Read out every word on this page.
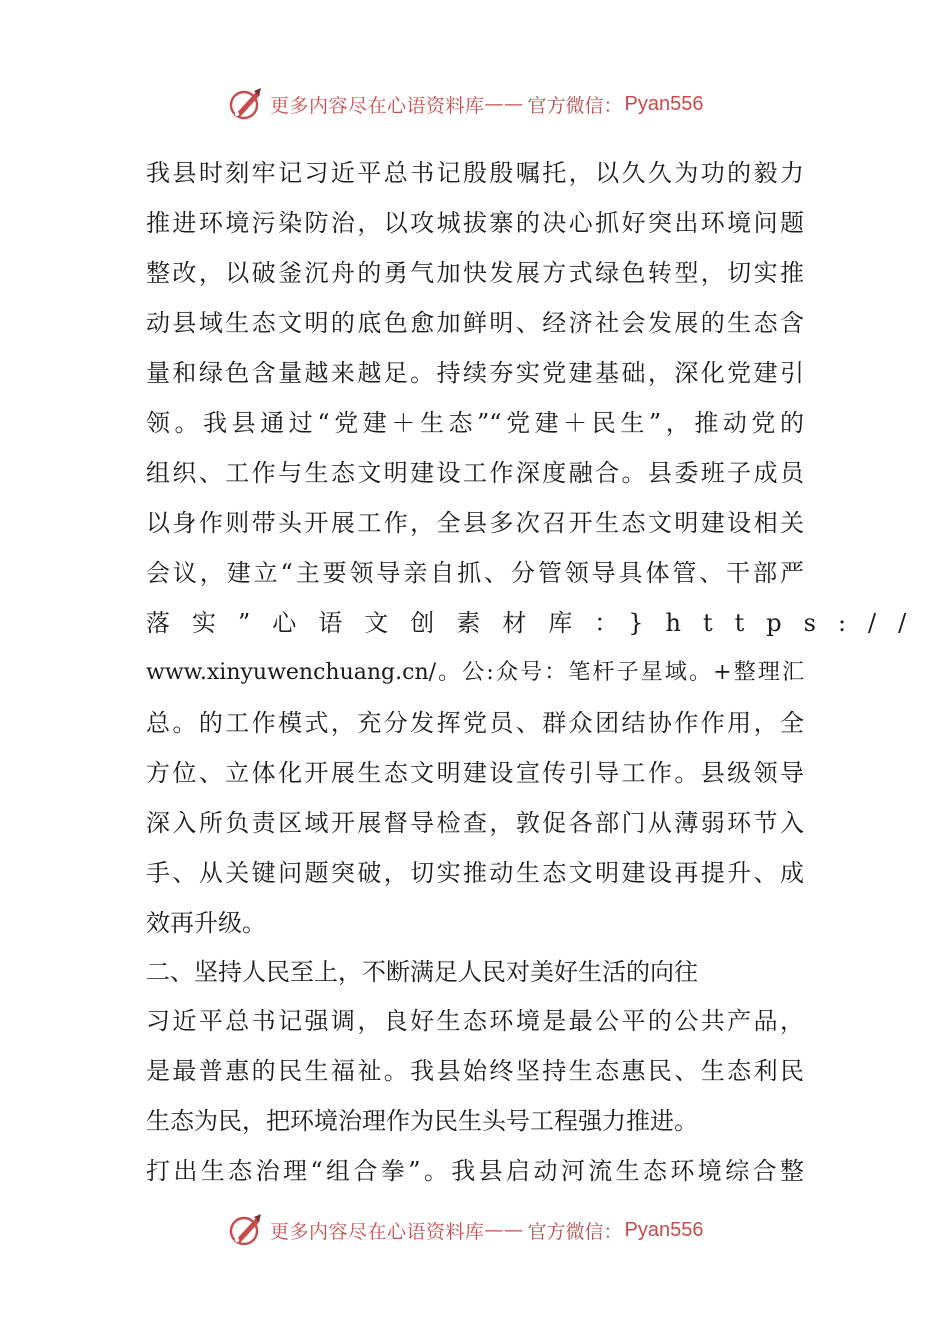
更多内容尽在心语资料库 —— 官方微信： Pyan556
我县时刻牢记习近平总书记殷殷嘱托，以久久为功的毅力
推进环境污染防治，以攻城拔寨的决心抓好突出环境问题
整改，以破釜沉舟的勇气加快发展方式绿色转型，切实推
动县域生态文明的底色愈加鲜明、经济社会发展的生态含
量和绿色含量越来越足。持续夯实党建基础，深化党建引
领。我县通过“党建＋生态”“党建＋民生”，推动党的
组织、工作与生态文明建设工作深度融合。县委班子成员
以身作则带头开展工作，全县多次召开生态文明建设相关
会议，建立“主要领导亲自抓、分管领导具体管、干部严
落实”心语文创素材库：}https://
www.xinyuwenchuang.cn/。公:众号：笔杆子星域。+整理汇
总。的工作模式，充分发挥党员、群众团结协作作用，全
方位、立体化开展生态文明建设宣传引导工作。县级领导
深入所负责区域开展督导检查，敦促各部门从薄弱环节入
手、从关键问题突破，切实推动生态文明建设再提升、成
效再升级。
二、坚持人民至上，不断满足人民对美好生活的向往
习近平总书记强调，良好生态环境是最公平的公共产品，
是最普惠的民生福祉。我县始终坚持生态惠民、生态利民
生态为民，把环境治理作为民生头号工程强力推进。
打出生态治理“组合拳”。我县启动河流生态环境综合整
更多内容尽在心语资料库 —— 官方微信： Pyan556
